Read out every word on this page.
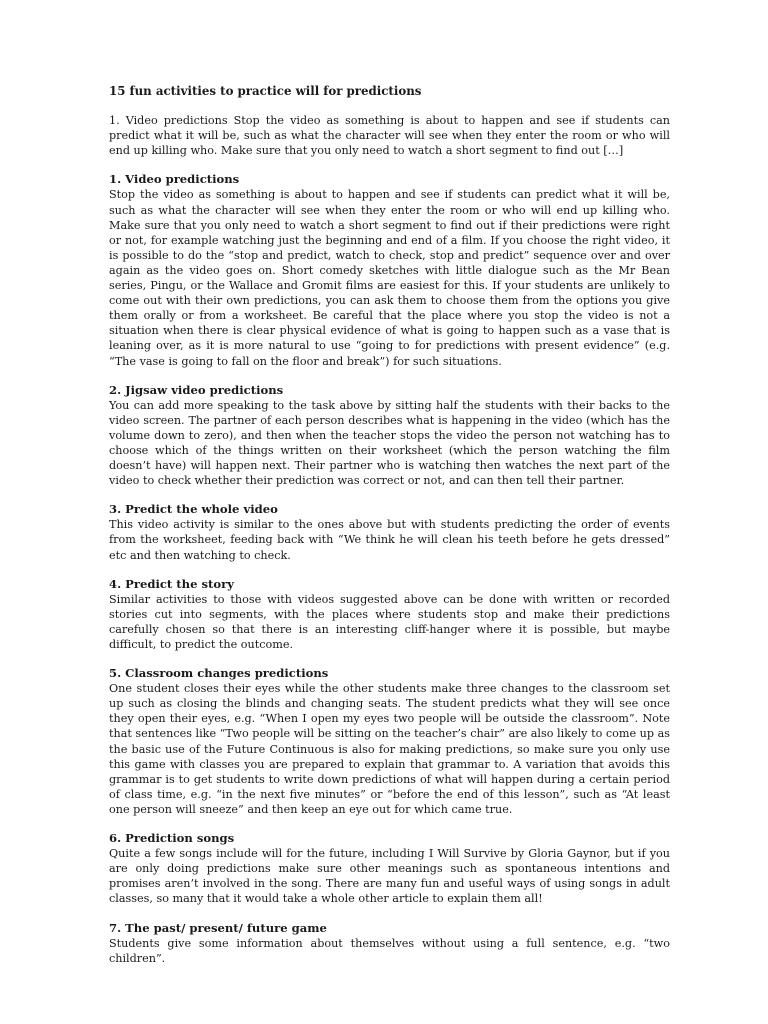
15 fun activities to practice will for predictions

1. Video predictions Stop the video as something is about to happen and see if students can predict what it will be, such as what the character will see when they enter the room or who will end up killing who. Make sure that you only need to watch a short segment to find out […]

1. Video predictions

Stop the video as something is about to happen and see if students can predict what it will be, such as what the character will see when they enter the room or who will end up killing who. Make sure that you only need to watch a short segment to find out if their predictions were right or not, for example watching just the beginning and end of a film. If you choose the right video, it is possible to do the “stop and predict, watch to check, stop and predict” sequence over and over again as the video goes on. Short comedy sketches with little dialogue such as the Mr Bean series, Pingu, or the Wallace and Gromit films are easiest for this. If your students are unlikely to come out with their own predictions, you can ask them to choose them from the options you give them orally or from a worksheet. Be careful that the place where you stop the video is not a situation when there is clear physical evidence of what is going to happen such as a vase that is leaning over, as it is more natural to use “going to for predictions with present evidence” (e.g. “The vase is going to fall on the floor and break”) for such situations.

2. Jigsaw video predictions

You can add more speaking to the task above by sitting half the students with their backs to the video screen. The partner of each person describes what is happening in the video (which has the volume down to zero), and then when the teacher stops the video the person not watching has to choose which of the things written on their worksheet (which the person watching the film doesn’t have) will happen next. Their partner who is watching then watches the next part of the video to check whether their prediction was correct or not, and can then tell their partner.

3. Predict the whole video

This video activity is similar to the ones above but with students predicting the order of events from the worksheet, feeding back with “We think he will clean his teeth before he gets dressed” etc and then watching to check.

4. Predict the story

Similar activities to those with videos suggested above can be done with written or recorded stories cut into segments, with the places where students stop and make their predictions carefully chosen so that there is an interesting cliff-hanger where it is possible, but maybe difficult, to predict the outcome.

5. Classroom changes predictions

One student closes their eyes while the other students make three changes to the classroom set up such as closing the blinds and changing seats. The student predicts what they will see once they open their eyes, e.g. “When I open my eyes two people will be outside the classroom”. Note that sentences like “Two people will be sitting on the teacher’s chair” are also likely to come up as the basic use of the Future Continuous is also for making predictions, so make sure you only use this game with classes you are prepared to explain that grammar to. A variation that avoids this grammar is to get students to write down predictions of what will happen during a certain period of class time, e.g. “in the next five minutes” or “before the end of this lesson”, such as “At least one person will sneeze” and then keep an eye out for which came true.

6. Prediction songs

Quite a few songs include will for the future, including I Will Survive by Gloria Gaynor, but if you are only doing predictions make sure other meanings such as spontaneous intentions and promises aren’t involved in the song. There are many fun and useful ways of using songs in adult classes, so many that it would take a whole other article to explain them all!

7. The past/ present/ future game

Students give some information about themselves without using a full sentence, e.g. “two children”.
